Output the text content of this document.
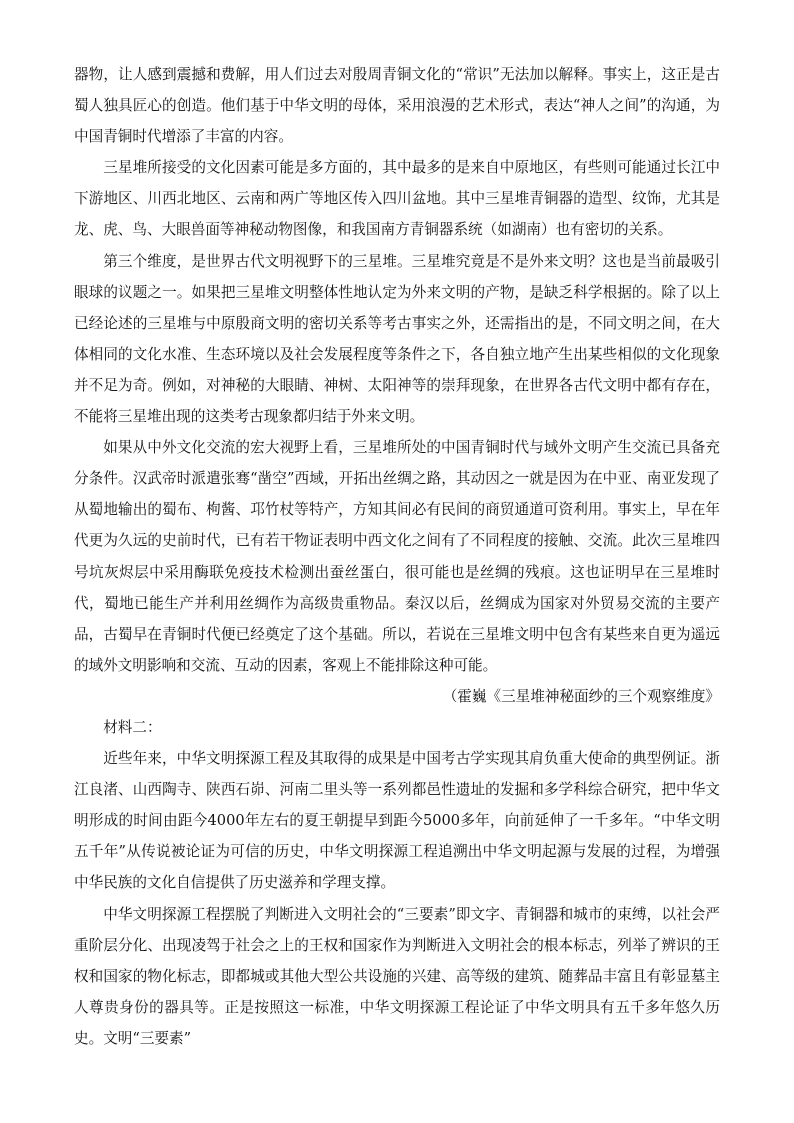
器物，让人感到震撼和费解，用人们过去对殷周青铜文化的“常识”无法加以解释。事实上，这正是古蜀人独具匠心的创造。他们基于中华文明的母体，采用浪漫的艺术形式，表达“神人之间”的沟通，为中国青铜时代增添了丰富的内容。

三星堆所接受的文化因素可能是多方面的，其中最多的是来自中原地区，有些则可能通过长江中下游地区、川西北地区、云南和两广等地区传入四川盆地。其中三星堆青铜器的造型、纹饰，尤其是龙、虎、鸟、大眼兽面等神秘动物图像，和我国南方青铜器系统（如湖南）也有密切的关系。

第三个维度，是世界古代文明视野下的三星堆。三星堆究竟是不是外来文明？这也是当前最吸引眼球的议题之一。如果把三星堆文明整体性地认定为外来文明的产物，是缺乏科学根据的。除了以上已经论述的三星堆与中原殷商文明的密切关系等考古事实之外，还需指出的是，不同文明之间，在大体相同的文化水准、生态环境以及社会发展程度等条件之下，各自独立地产生出某些相似的文化现象并不足为奇。例如，对神秘的大眼睛、神树、太阳神等的崇拜现象，在世界各古代文明中都有存在，不能将三星堆出现的这类考古现象都归结于外来文明。

如果从中外文化交流的宏大视野上看，三星堆所处的中国青铜时代与域外文明产生交流已具备充分条件。汉武帝时派遣张骞“凿空”西域，开拓出丝绸之路，其动因之一就是因为在中亚、南亚发现了从蜀地输出的蜀布、枸酱、邛竹杖等特产，方知其间必有民间的商贸通道可资利用。事实上，早在年代更为久远的史前时代，已有若干物证表明中西文化之间有了不同程度的接触、交流。此次三星堆四号坑灰烬层中采用酶联免疫技术检测出蚕丝蛋白，很可能也是丝绸的残痕。这也证明早在三星堆时代，蜀地已能生产并利用丝绸作为高级贵重物品。秦汉以后，丝绸成为国家对外贸易交流的主要产品，古蜀早在青铜时代便已经奠定了这个基础。所以，若说在三星堆文明中包含有某些来自更为遥远的域外文明影响和交流、互动的因素，客观上不能排除这种可能。

（霍巍《三星堆神秘面纱的三个观察维度》

材料二：

近些年来，中华文明探源工程及其取得的成果是中国考古学实现其肩负重大使命的典型例证。浙江良渚、山西陶寺、陕西石峁、河南二里头等一系列都邑性遗址的发掘和多学科综合研究，把中华文明形成的时间由距今4000年左右的夏王朝提早到距今5000多年，向前延伸了一千多年。“中华文明五千年”从传说被论证为可信的历史，中华文明探源工程追溯出中华文明起源与发展的过程，为增强中华民族的文化自信提供了历史滋养和学理支撑。

中华文明探源工程摆脱了判断进入文明社会的“三要素”即文字、青铜器和城市的束缚，以社会严重阶层分化、出现凌驾于社会之上的王权和国家作为判断进入文明社会的根本标志，列举了辨识的王权和国家的物化标志，即都城或其他大型公共设施的兴建、高等级的建筑、随葬品丰富且有彰显墓主人尊贵身份的器具等。正是按照这一标准，中华文明探源工程论证了中华文明具有五千多年悠久历史。文明“三要素”
